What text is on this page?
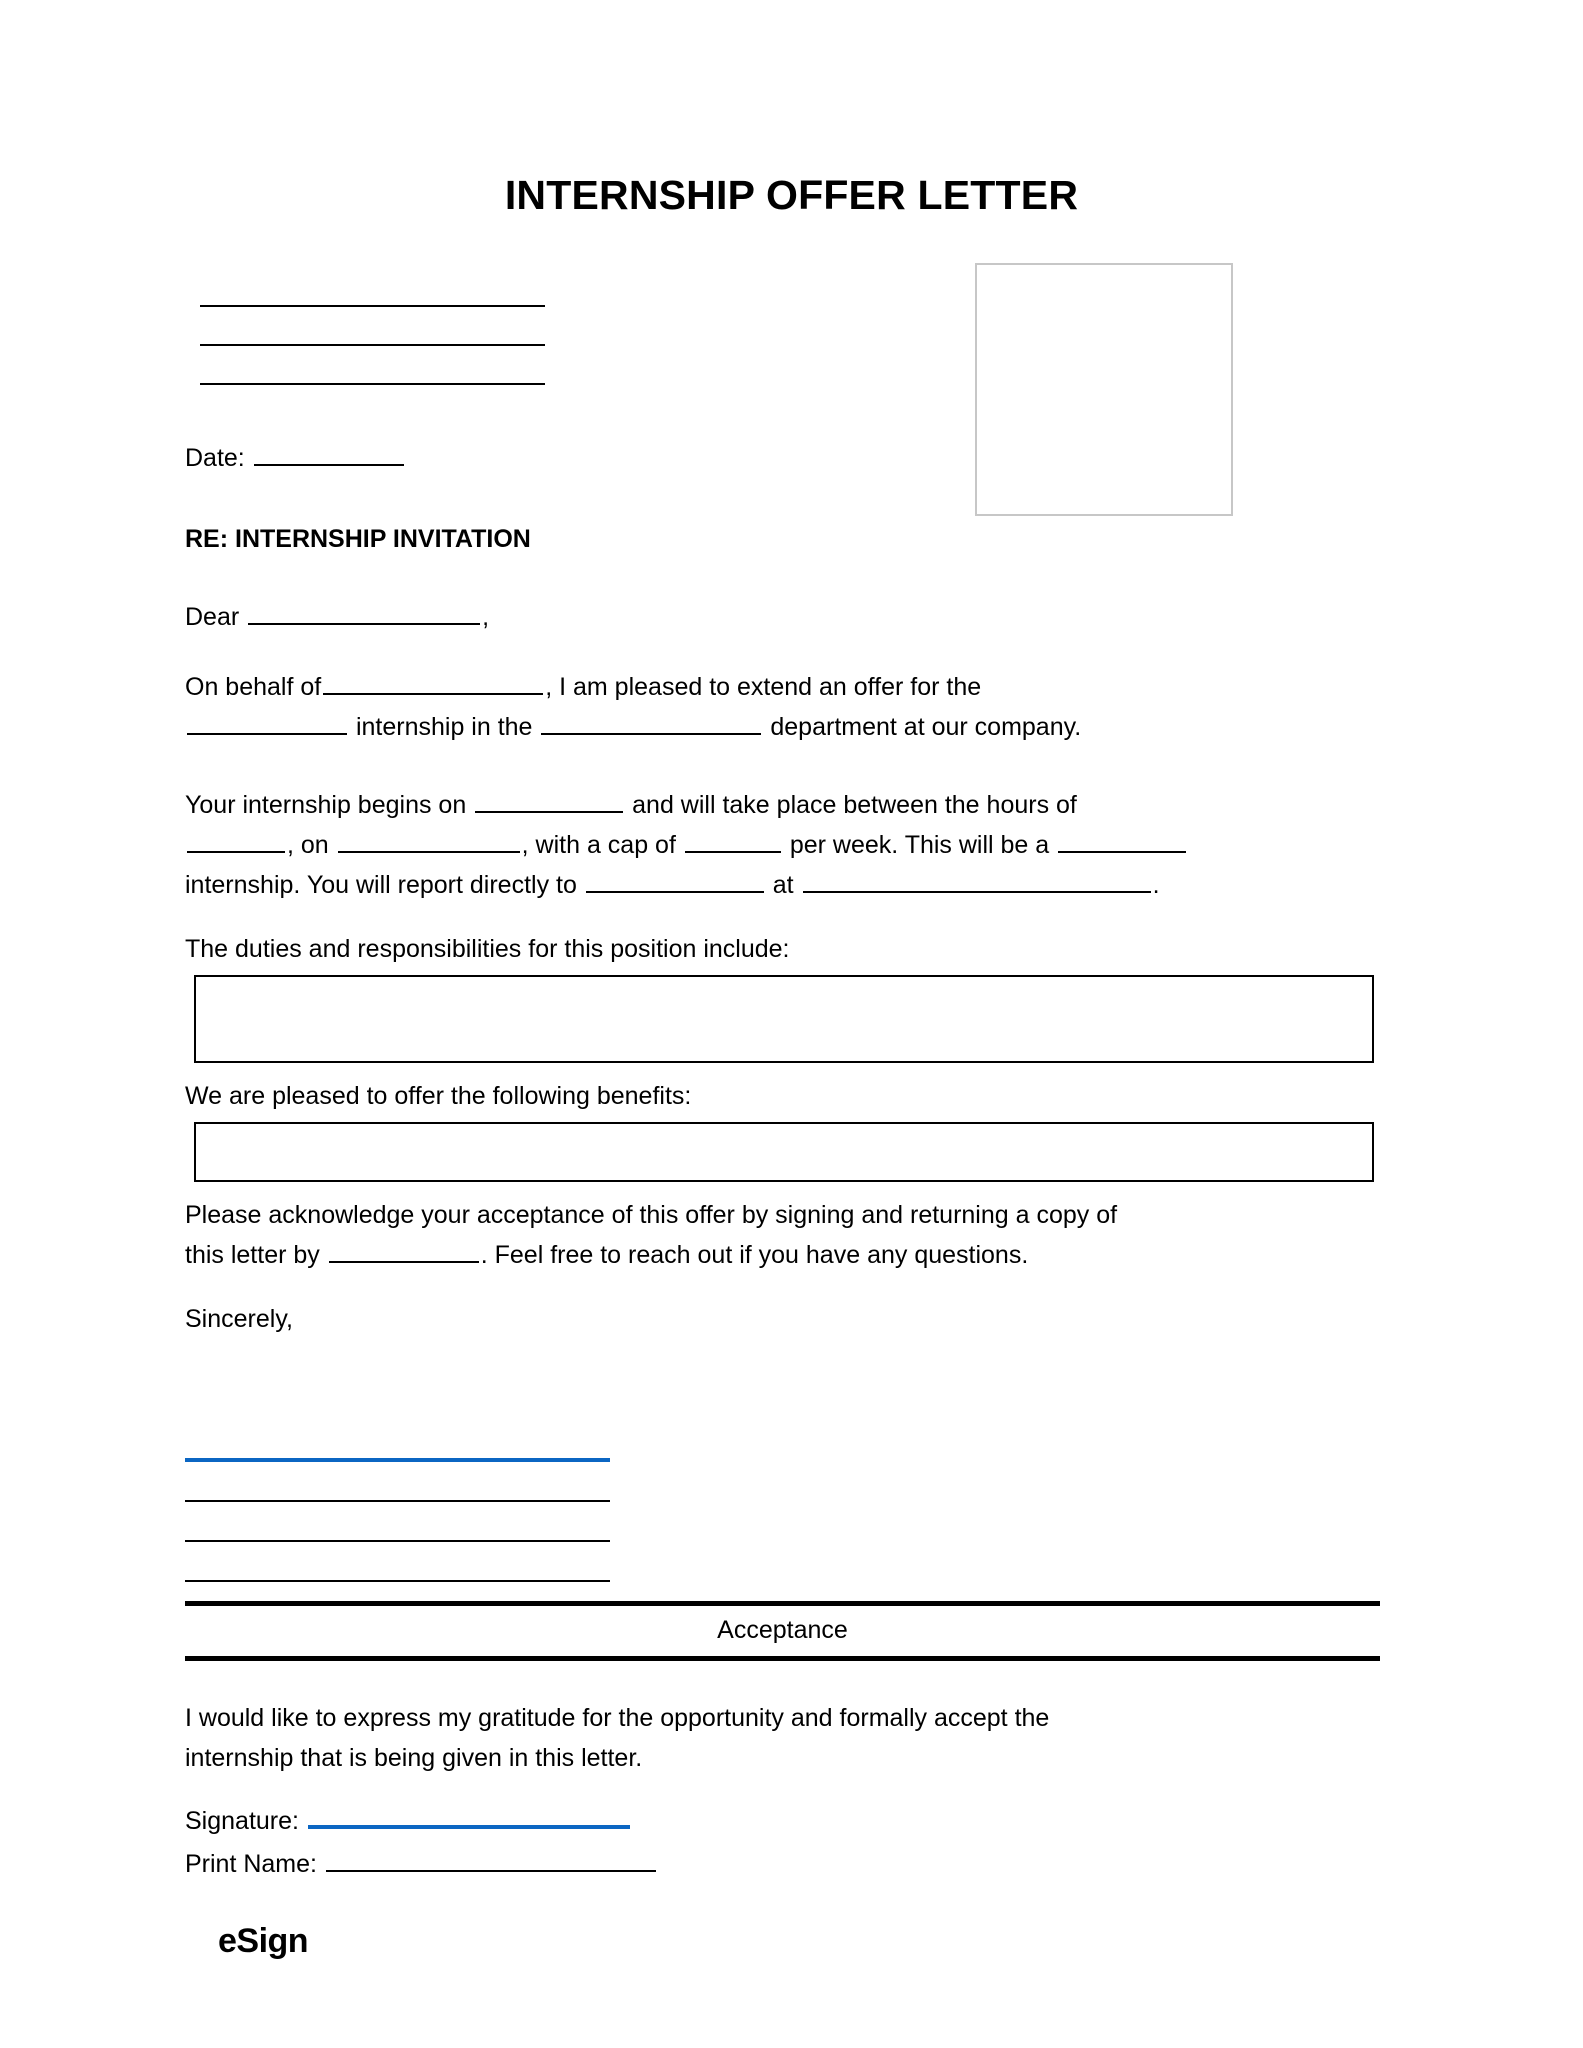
INTERNSHIP OFFER LETTER
Date:
RE: INTERNSHIP INVITATION
Dear	,
On behalf of	, I am pleased to extend an offer for the
internship in the	department at our company.
Your internship begins on	and will take place between the hours of
, on	, with a cap of	per week. This will be a
internship. You will report directly to	at	.
The duties and responsibilities for this position include:
We are pleased to offer the following benefits:
Please acknowledge your acceptance of this offer by signing and returning a copy of
this letter by	. Feel free to reach out if you have any questions.
Sincerely,
Acceptance
I would like to express my gratitude for the opportunity and formally accept the
internship that is being given in this letter.
Signature:
Print Name:
eSign
